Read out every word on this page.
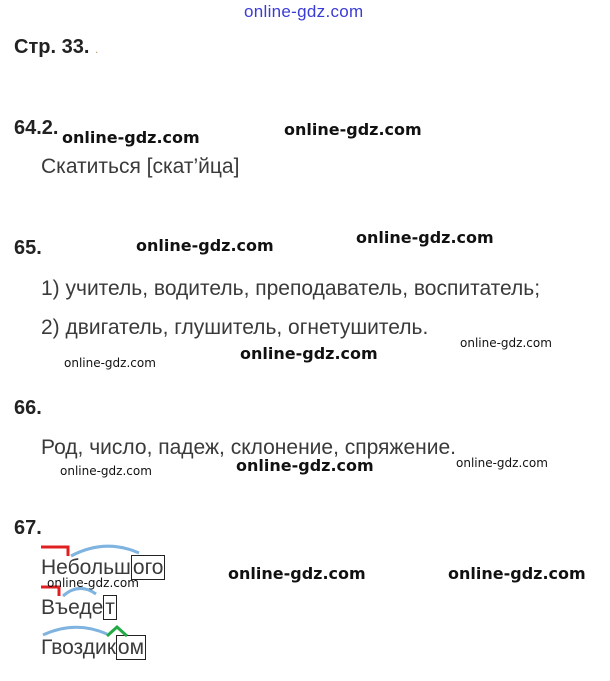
online-gdz.com
Стр. 33. .
64.2.
Скатиться [скат’йца]
65.
1) учитель, водитель, преподаватель, воспитатель;
2) двигатель, глушитель, огнетушитель.
66.
Род, число, падеж, склонение, спряжение.
67.
Небольшого
Въедет
Гвоздиком
online-gdz.com	online-gdz.com
online-gdz.com	online-gdz.com
online-gdz.com	online-gdz.com
online-gdz.com
online-gdz.com	online-gdz.com	online-gdz.com
online-gdz.com	online-gdz.com
online-gdz.com
